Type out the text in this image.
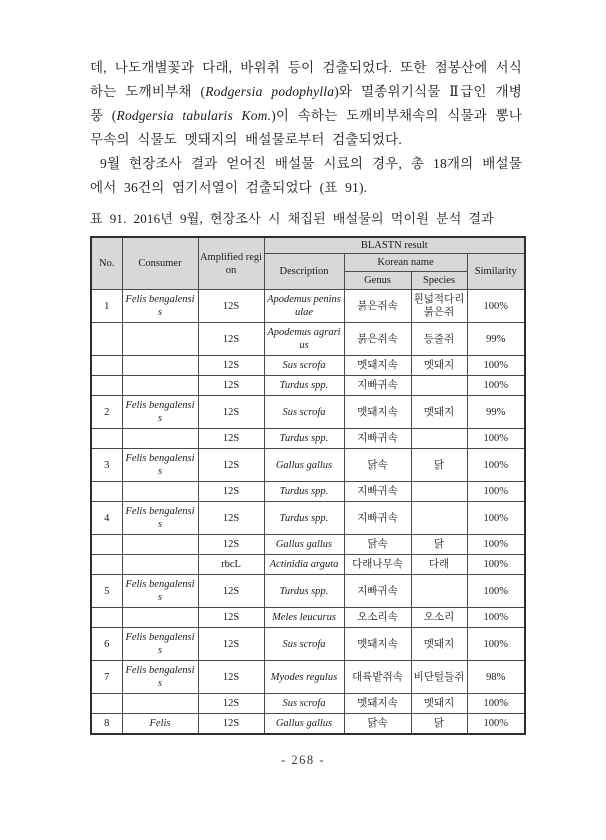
데, 나도개별꽃과 다래, 바위취 등이 검출되었다. 또한 점봉산에 서식하는 도깨비부채 (Rodgersia podophylla)와 멸종위기식물 Ⅱ급인 개병풍 (Rodgersia tabularis Kom.)이 속하는 도깨비부채속의 식물과 뽕나무속의 식물도 멧돼지의 배설물로부터 검출되었다.
9월 현장조사 결과 얻어진 배설물 시료의 경우, 총 18개의 배설물에서 36건의 염기서열이 검출되었다 (표 91).
표 91. 2016년 9월, 현장조사 시 채집된 배설물의 먹이원 분석 결과
No.	Consumer	Amplified region	BLASTN result			
			Description	Korean name		Similarity
				Genus	Species	
1	Felis bengalensis	12S	Apodemus peninsulae	붉은쥐속	흰넓적다리붉은쥐	100%
		12S	Apodemus agrarius	붉은쥐속	등줄쥐	99%
		12S	Sus scrofa	멧돼지속	멧돼지	100%
		12S	Turdus spp.	지빠귀속		100%
2	Felis bengalensis	12S	Sus scrofa	멧돼지속	멧돼지	99%
		12S	Turdus spp.	지빠귀속		100%
3	Felis bengalensis	12S	Gallus gallus	닭속	닭	100%
		12S	Turdus spp.	지빠귀속		100%
4	Felis bengalensis	12S	Turdus spp.	지빠귀속		100%
		12S	Gallus gallus	닭속	닭	100%
		rbcL	Actinidia arguta	다래나무속	다래	100%
5	Felis bengalensis	12S	Turdus spp.	지빠귀속		100%
		12S	Meles leucurus	오소리속	오소리	100%
6	Felis bengalensis	12S	Sus scrofa	멧돼지속	멧돼지	100%
7	Felis bengalensis	12S	Myodes regulus	대륙밭쥐속	비단털들쥐	98%
		12S	Sus scrofa	멧돼지속	멧돼지	100%
8	Felis	12S	Gallus gallus	닭속	닭	100%
- 268 -
